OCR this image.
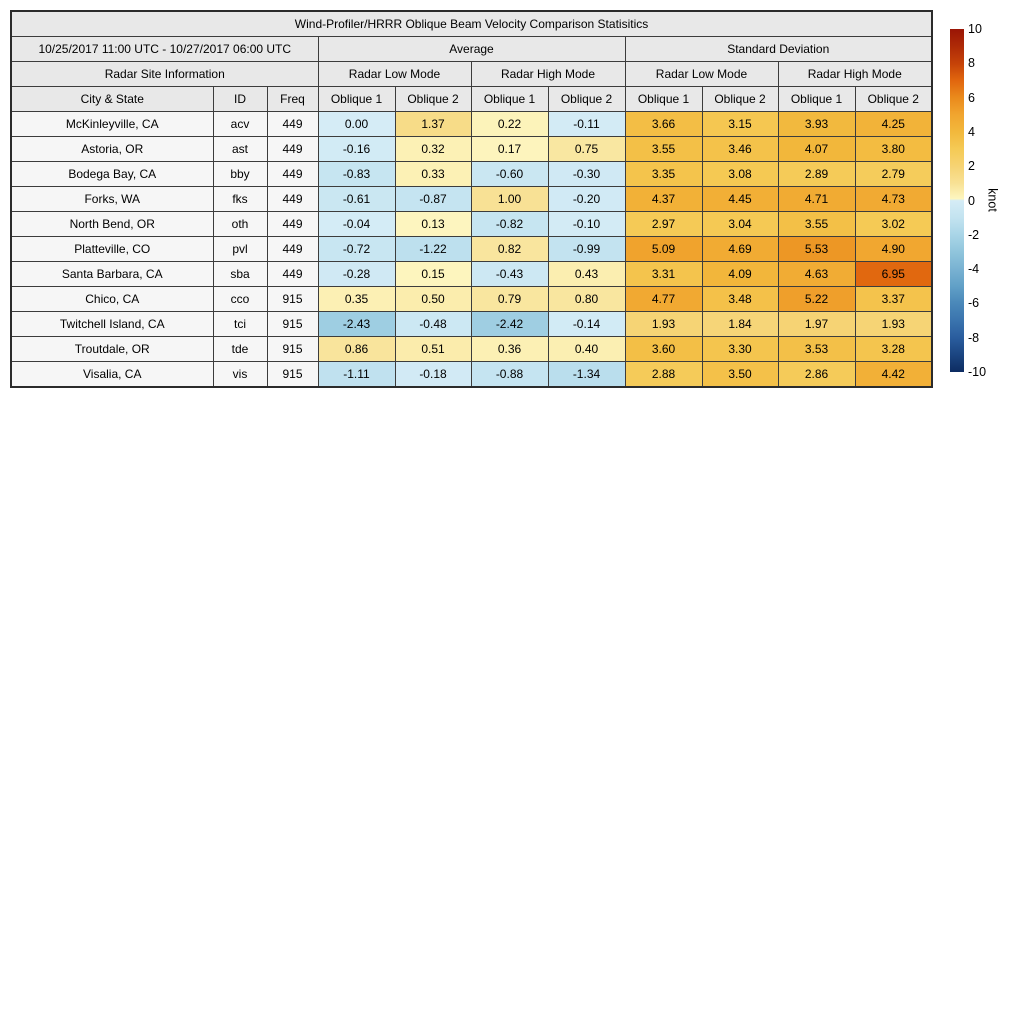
Wind-Profiler/HRRR Oblique Beam Velocity Comparison Statisitics										
10/25/2017 11:00 UTC - 10/27/2017 06:00 UTC			Average				Standard Deviation			
Radar Site Information			Radar Low Mode		Radar High Mode		Radar Low Mode		Radar High Mode	
City & State	ID	Freq	Oblique 1	Oblique 2	Oblique 1	Oblique 2	Oblique 1	Oblique 2	Oblique 1	Oblique 2
McKinleyville, CA	acv	449	0.00	1.37	0.22	-0.11	3.66	3.15	3.93	4.25
Astoria, OR	ast	449	-0.16	0.32	0.17	0.75	3.55	3.46	4.07	3.80
Bodega Bay, CA	bby	449	-0.83	0.33	-0.60	-0.30	3.35	3.08	2.89	2.79
Forks, WA	fks	449	-0.61	-0.87	1.00	-0.20	4.37	4.45	4.71	4.73
North Bend, OR	oth	449	-0.04	0.13	-0.82	-0.10	2.97	3.04	3.55	3.02
Platteville, CO	pvl	449	-0.72	-1.22	0.82	-0.99	5.09	4.69	5.53	4.90
Santa Barbara, CA	sba	449	-0.28	0.15	-0.43	0.43	3.31	4.09	4.63	6.95
Chico, CA	cco	915	0.35	0.50	0.79	0.80	4.77	3.48	5.22	3.37
Twitchell Island, CA	tci	915	-2.43	-0.48	-2.42	-0.14	1.93	1.84	1.97	1.93
Troutdale, OR	tde	915	0.86	0.51	0.36	0.40	3.60	3.30	3.53	3.28
Visalia, CA	vis	915	-1.11	-0.18	-0.88	-1.34	2.88	3.50	2.86	4.42
10
8
6
4
2
0
-2
-4
-6
-8
-10
knot
